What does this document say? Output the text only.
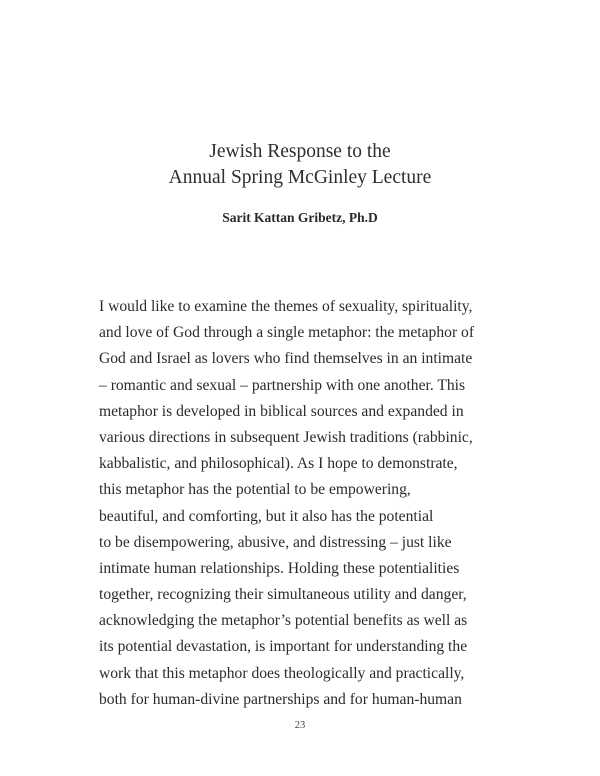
Jewish Response to the
Annual Spring McGinley Lecture
Sarit Kattan Gribetz, Ph.D
I would like to examine the themes of sexuality, spirituality,
and love of God through a single metaphor: the metaphor of
God and Israel as lovers who find themselves in an intimate
– romantic and sexual – partnership with one another. This
metaphor is developed in biblical sources and expanded in
various directions in subsequent Jewish traditions (rabbinic,
kabbalistic, and philosophical). As I hope to demonstrate,
this metaphor has the potential to be empowering,
beautiful, and comforting, but it also has the potential
to be disempowering, abusive, and distressing – just like
intimate human relationships. Holding these potentialities
together, recognizing their simultaneous utility and danger,
acknowledging the metaphor’s potential benefits as well as
its potential devastation, is important for understanding the
work that this metaphor does theologically and practically,
both for human-divine partnerships and for human-human
23
